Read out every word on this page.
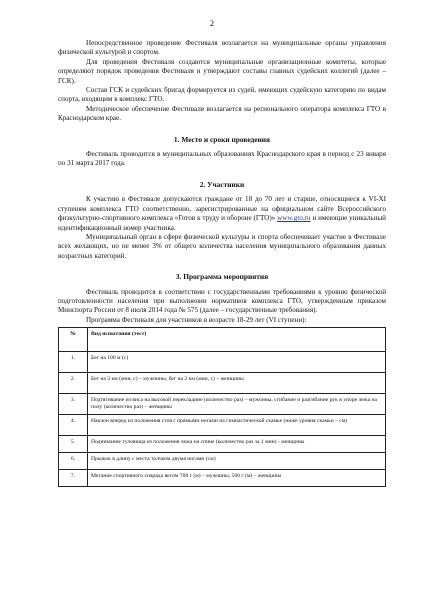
2

Непосредственное проведение Фестиваля возлагается на муниципальные органы управления физической культурой и спортом.

Для проведения Фестиваля создаются муниципальные организационные комитеты, которые определяют порядок проведения Фестиваля и утверждают составы главных судейских коллегий (далее – ГСК).

Состав ГСК и судейских бригад формируется из судей, имеющих судейскую категорию по видам спорта, входящим в комплекс ГТО.

Методическое обеспечение Фестиваля возлагается на регионального оператора комплекса ГТО в Краснодарском крае.

1. Место и сроки проведения

Фестиваль проводится в муниципальных образованиях Краснодарского края в период с 23 января по 31 марта 2017 года.

2. Участники

К участию в Фестивале допускаются граждане от 18 до 70 лет и старше, относящиеся к VI-XI ступеням комплекса ГТО соответственно, зарегистрированные на официальном сайте Всероссийского физкультурно-спортивного комплекса «Готов к труду и обороне (ГТО)» www.gto.ru и имеющие уникальный идентификационный номер участника.

Муниципальный орган в сфере физической культуры и спорта обеспечивает участие в Фестивале всех желающих, но не менее 3% от общего количества населения муниципального образования данных возрастных категорий.

3. Программа мероприятия

Фестиваль проводится в соответствии с государственными требованиями к уровню физической подготовленности населения при выполнении нормативов комплекса ГТО, утвержденным приказом Минспорта России от 8 июля 2014 года № 575 (далее – государственные требования).

Программа Фестиваля для участников в возрасте 18-29 лет (VI ступени):

№	Вид испытания (тест)
1.	Бег на 100 м (с)
2.	Бег на 3 км (мин, с) – мужчины, бег на 2 км (мин, с) – женщины
3.	Подтягивание из виса на высокой перекладине (количество раз) – мужчины, сгибание и разгибание рук в упоре лежа на полу (количество раз) – женщины
4.	Наклон вперед из положения стоя с прямыми ногами на гимнастической скамье (ниже уровня скамьи – см)
5.	Поднимание туловища из положения лежа на спине (количество раз за 1 мин) - женщины
6.	Прыжок в длину с места толчком двумя ногами (см)
7.	Метание спортивного снаряда весом 700 г (м) – мужчины, 500 г (м) – женщины
